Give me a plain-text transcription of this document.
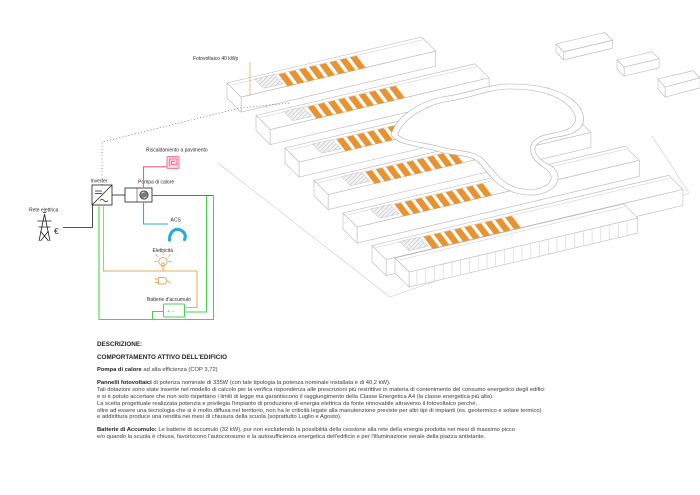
Fotovoltaico 40 kWp
Rete elettrica
€
Inverter	Pompa di calore
Riscaldamento a pavimento
ACS
Elettricità
Batterie d'accumulo
+ –
DESCRIZIONE:
COMPORTAMENTO ATTIVO DELL'EDIFICIO
Pompa di calore ad alta efficienza (COP 3,72)
Pannelli fotovoltaici di potenza nominale di 335W (con tale tipologia la potenza nominale installata è di 40,2 kW).
Tali dotazioni sono state inserite nel modello di calcolo per la verifica rispondenza alle prescrizioni più restrittive in materia di contenimento del consumo energetico degli edifici
e si è potuto accertare che non solo rispettano i limiti di legge ma garantiscono il raggiungimento della Classe Energetica A4 (la classe energetica più alta).
La scelta progettuale realizzata potenzia e privilegia l'impianto di produzione di energia elettrica da fonte rinnovabile attraverso il fotovoltaico perché,
oltre ad essere una tecnologia che si è molto diffusa nel territorio, non ha le criticità legate alla manutenzione previste per altri tipi di impianti (es. geotermico e solare termico)
e addirittura produce una rendita nei mesi di chiusura della scuola (soprattutto Luglio e Agosto).
Batterie di Accumulo: Le batterie di accumulo (32 kW), pur non escludendo la possibilità della cessione alla rete della energia prodotta nei mesi di massimo picco
e/o quando la scuola è chiusa, favoriscono l'autoconsumo e la autosufficienza energetica dell'edificio e per l'illuminazione serale della piazza antistante.
